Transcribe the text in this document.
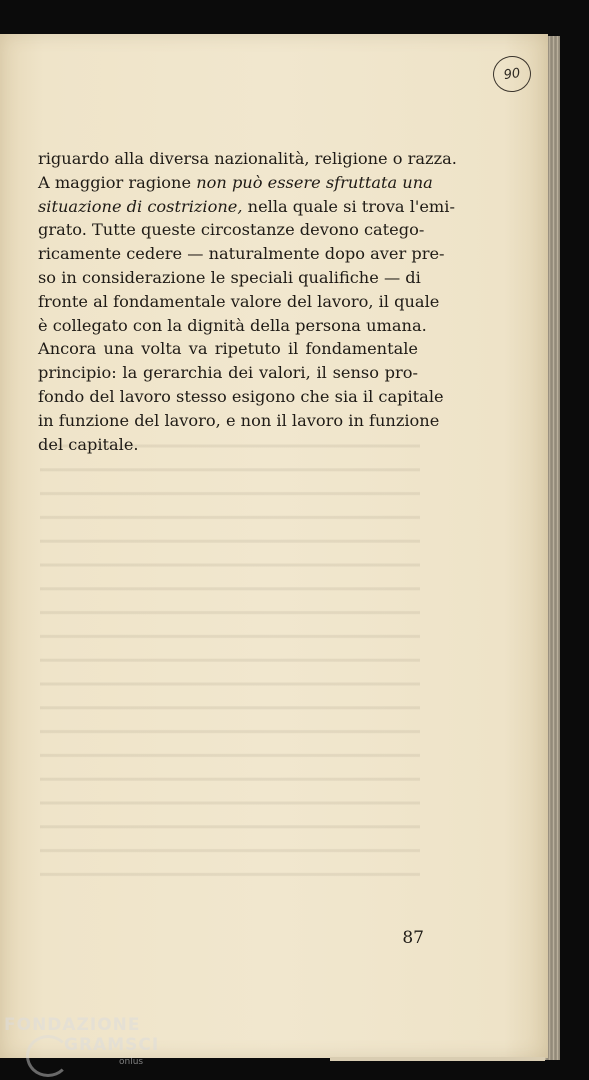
90
riguardo alla diversa nazionalità, religione o razza.
A maggior ragione non può essere sfruttata una
situazione di costrizione, nella quale si trova l'emi-
grato. Tutte queste circostanze devono catego-
ricamente cedere — naturalmente dopo aver pre-
so in considerazione le speciali qualifiche — di
fronte al fondamentale valore del lavoro, il quale
è collegato con la dignità della persona umana.
Ancora una volta va ripetuto il fondamentale
principio: la gerarchia dei valori, il senso pro-
fondo del lavoro stesso esigono che sia il capitale
in funzione del lavoro, e non il lavoro in funzione
del capitale.
87
FONDAZIONE
GRAMSCI
onlus
